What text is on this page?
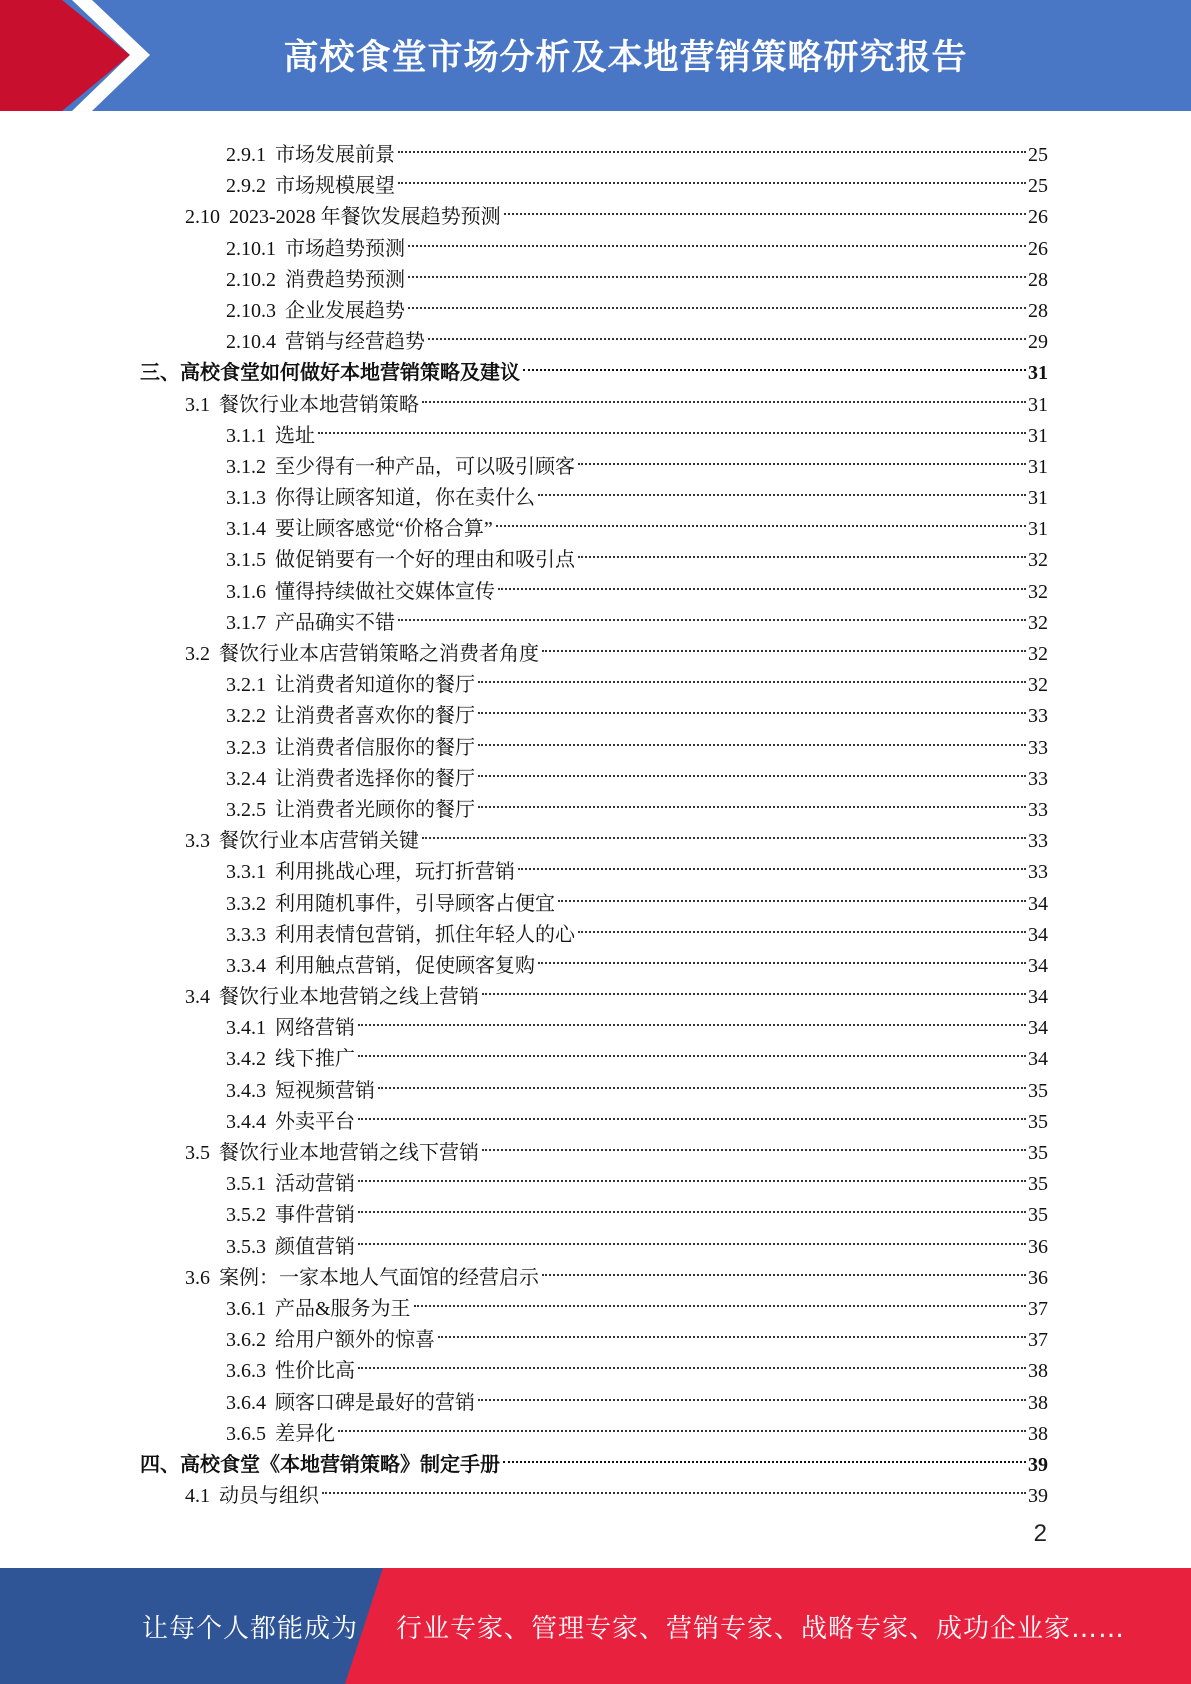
高校食堂市场分析及本地营销策略研究报告
2.9.1 市场发展前景	25
2.9.2 市场规模展望	25
2.10 2023-2028 年餐饮发展趋势预测	26
2.10.1 市场趋势预测	26
2.10.2 消费趋势预测	28
2.10.3 企业发展趋势	28
2.10.4 营销与经营趋势	29
三、 高校食堂如何做好本地营销策略及建议	31
3.1 餐饮行业本地营销策略	31
3.1.1 选址	31
3.1.2 至少得有一种产品，可以吸引顾客	31
3.1.3 你得让顾客知道，你在卖什么	31
3.1.4 要让顾客感觉“价格合算”	31
3.1.5 做促销要有一个好的理由和吸引点	32
3.1.6 懂得持续做社交媒体宣传	32
3.1.7 产品确实不错	32
3.2 餐饮行业本店营销策略之消费者角度	32
3.2.1 让消费者知道你的餐厅	32
3.2.2 让消费者喜欢你的餐厅	33
3.2.3 让消费者信服你的餐厅	33
3.2.4 让消费者选择你的餐厅	33
3.2.5 让消费者光顾你的餐厅	33
3.3 餐饮行业本店营销关键	33
3.3.1 利用挑战心理，玩打折营销	33
3.3.2 利用随机事件，引导顾客占便宜	34
3.3.3 利用表情包营销，抓住年轻人的心	34
3.3.4 利用触点营销，促使顾客复购	34
3.4 餐饮行业本地营销之线上营销	34
3.4.1 网络营销	34
3.4.2 线下推广	34
3.4.3 短视频营销	35
3.4.4 外卖平台	35
3.5 餐饮行业本地营销之线下营销	35
3.5.1 活动营销	35
3.5.2 事件营销	35
3.5.3 颜值营销	36
3.6 案例：一家本地人气面馆的经营启示	36
3.6.1 产品&服务为王	37
3.6.2 给用户额外的惊喜	37
3.6.3 性价比高	38
3.6.4 顾客口碑是最好的营销	38
3.6.5 差异化	38
四、 高校食堂《本地营销策略》制定手册	39
4.1 动员与组织	39
2
让每个人都能成为 行业专家、管理专家、营销专家、战略专家、成功企业家……
